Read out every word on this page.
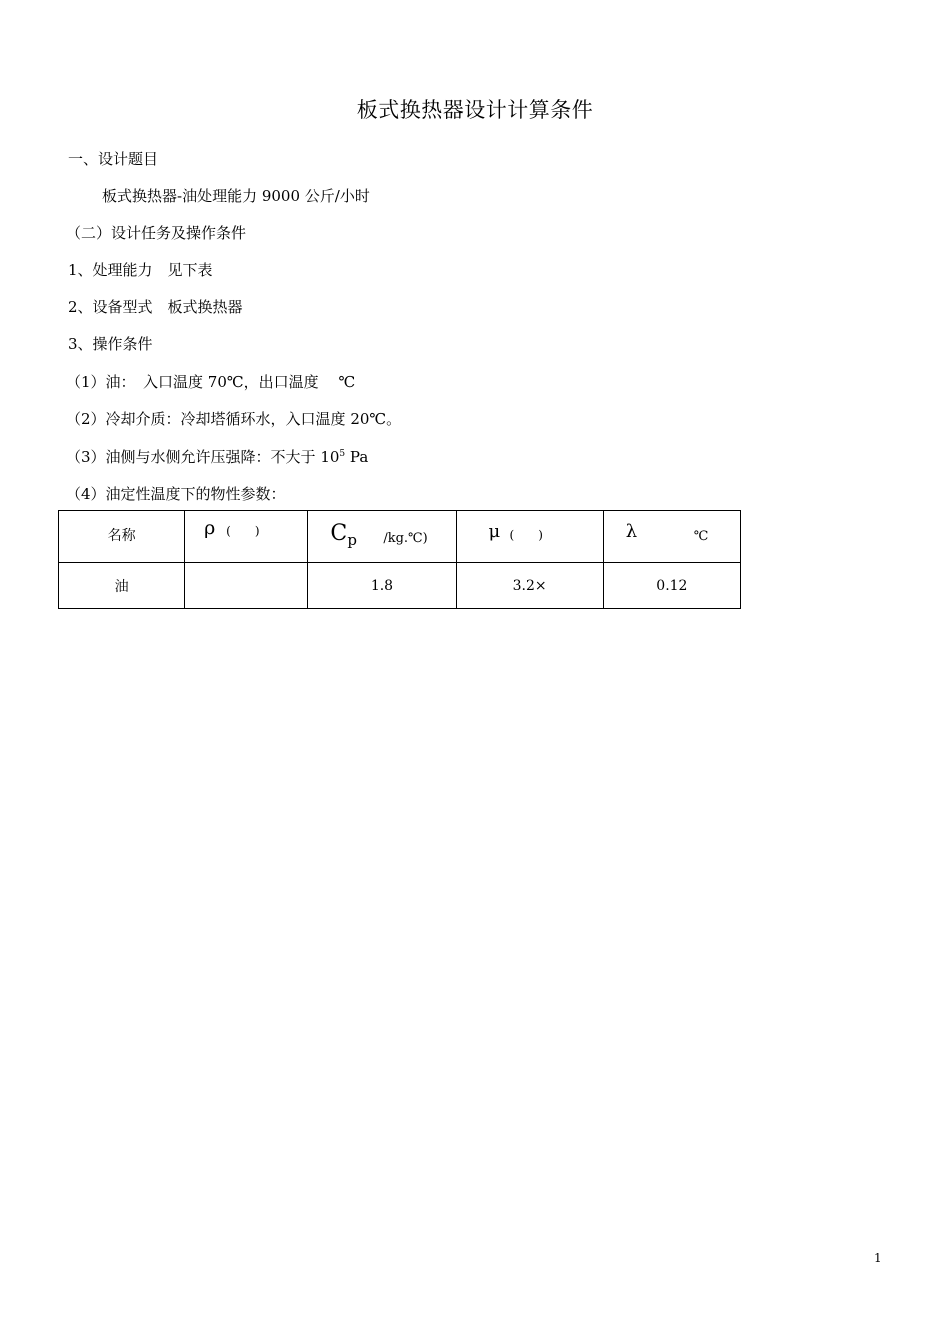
板式换热器设计计算条件
一、设计题目
板式换热器-油处理能力 9000 公斤/小时
（二）设计任务及操作条件
1、处理能力　见下表
2、设备型式　板式换热器
3、操作条件
（1）油：　入口温度 70℃，出口温度　 ℃
（2）冷却介质：冷却塔循环水，入口温度 20℃。
（3）油侧与水侧允许压强降：不大于 $10^5$ Pa
（4）油定性温度下的物性参数：
名称	ρ (　　)	C p /kg.℃)	μ (　　)	λ ℃

油		1.8	3.2×	0.12
1
